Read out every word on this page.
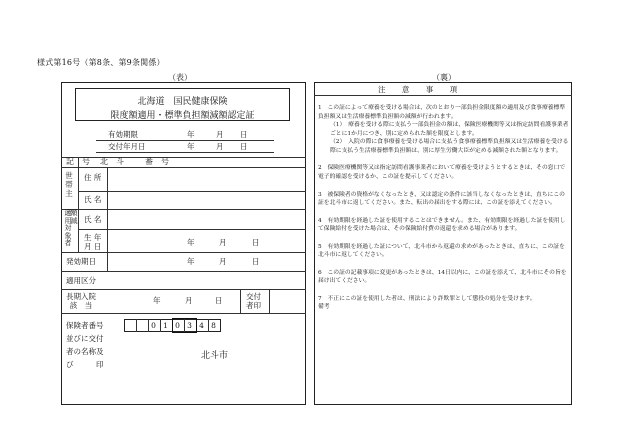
様式第16号（第8条、第9条関係）
（表）	（裏）
北海道　国民健康保険
限度額適用・標準負担額減額認定証
有効期限	年	月 日
交付年月日	年	月 日
記　号 北　斗	番　号
世
帯
主
住 所
氏 名
適
用
対
象
者
額
減 氏 名
生 年
月 日	年	月	日
発効期日	年	月	日
適用区分
長期入院
該　当
年	月	日	交付
者印
保険者番号
並びに交付
者の名称及
び　　　印
0 1 0 3 4 8
北斗市
注 意 事 項

1　この証によって療養を受ける場合は、次のとおり一部負担金限度額の適用及び食事療養標準負担額又は生活療養標準負担額の減額が行われます。

（1）　療養を受ける際に支払う一部負担金の額は、保険医療機関等又は指定訪問看護事業者ごとに1か月につき、別に定められた額を限度とします。

（2）　入院の際に食事療養を受ける場合に支払う食事療養標準負担額又は生活療養を受ける際に支払う生活療養標準負担額は、別に厚生労働大臣が定める減額された額となります。

2　保険医療機関等又は指定訪問看護事業者において療養を受けようとするときは、その窓口で電子的確認を受けるか、この証を提示してください。

3　被保険者の資格がなくなったとき、又は認定の条件に該当しなくなったときは、直ちにこの証を北斗市に返してください。また、転出の届出をする際には、この証を添えてください。

4　有効期限を経過した証を使用することはできません。また、有効期限を経過した証を使用して保険給付を受けた場合は、その保険給付費の返還を求める場合があります。

5　有効期限を経過した証について、北斗市から返還の求めがあったときは、直ちに、この証を北斗市に返してください。

6　この証の記載事項に変更があったときは、14日以内に、この証を添えて、北斗市にその旨を届け出てください。

7　不正にこの証を使用した者は、刑法により詐欺罪として懲役の処分を受けます。

備考
